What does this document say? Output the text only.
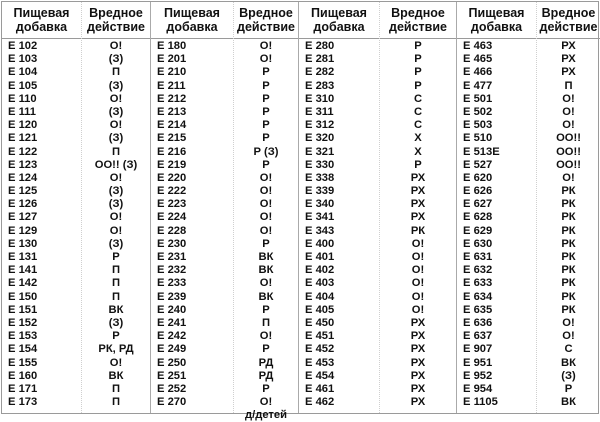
Пищевая
добавка
E 102
E 103
E 104
E 105
E 110
E 111
E 120
E 121
E 122
E 123
E 124
E 125
E 126
E 127
E 129
E 130
E 131
E 141
E 142
E 150
E 151
E 152
E 153
E 154
E 155
E 160
E 171
E 173
Вредное
действие
О!
(З)
П
(З)
О!
(З)
О!
(З)
П
ОО!! (З)
О!
(З)
(З)
О!
О!
(З)
Р
П
П
П
ВК
(З)
Р
РК, РД
О!
ВК
П
П
Пищевая
добавка
E 180
E 201
E 210
E 211
E 212
E 213
E 214
E 215
E 216
E 219
E 220
E 222
E 223
E 224
E 228
E 230
E 231
E 232
E 233
E 239
E 240
E 241
E 242
E 249
E 250
E 251
E 252
E 270
Вредное
действие
О!
О!
Р
Р
Р
Р
Р
Р
Р (З)
Р
О!
О!
О!
О!
О!
Р
ВК
ВК
О!
ВК
Р
П
О!
Р
РД
РД
Р
О!
д/детей
Пищевая
добавка
E 280
E 281
E 282
E 283
E 310
E 311
E 312
E 320
E 321
E 330
E 338
E 339
E 340
E 341
E 343
E 400
E 401
E 402
E 403
E 404
E 405
E 450
E 451
E 452
E 453
E 454
E 461
E 462
Вредное
действие
Р
Р
Р
Р
С
С
С
Х
Х
Р
РХ
РХ
РХ
РХ
РК
О!
О!
О!
О!
О!
О!
РХ
РХ
РХ
РХ
РХ
РХ
РХ
Пищевая
добавка
E 463
E 465
E 466
E 477
E 501
E 502
E 503
E 510
E 513E
E 527
E 620
E 626
E 627
E 628
E 629
E 630
E 631
E 632
E 633
E 634
E 635
E 636
E 637
E 907
E 951
E 952
E 954
E 1105
Вредное
действие
РХ
РХ
РХ
П
О!
О!
О!
ОО!!
ОО!!
ОО!!
О!
РК
РК
РК
РК
РК
РК
РК
РК
РК
РК
О!
О!
С
ВК
(З)
Р
ВК
